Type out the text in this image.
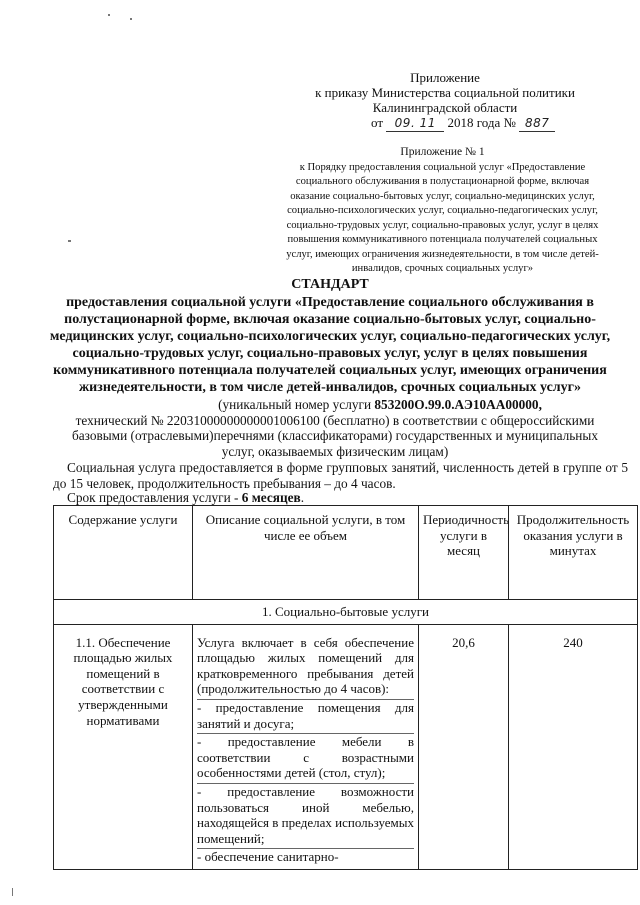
Приложение
к приказу Министерства социальной политики
Калининградской области
от 09. 11 2018 года № 887
Приложение № 1
к Порядку предоставления социальной услуг «Предоставление
социального обслуживания в полустационарной форме, включая
оказание социально-бытовых услуг, социально-медицинских услуг,
социально-психологических услуг, социально-педагогических услуг,
социально-трудовых услуг, социально-правовых услуг, услуг в целях
повышения коммуникативного потенциала получателей социальных
услуг, имеющих ограничения жизнедеятельности, в том числе детей-
инвалидов, срочных социальных услуг»
СТАНДАРТ
предоставления социальной услуги «Предоставление социального обслуживания в
полустационарной форме, включая оказание социально-бытовых услуг, социально-
медицинских услуг, социально-психологических услуг, социально-педагогических услуг,
социально-трудовых услуг, социально-правовых услуг, услуг в целях повышения
коммуникативного потенциала получателей социальных услуг, имеющих ограничения
жизнедеятельности, в том числе детей-инвалидов, срочных социальных услуг»
(уникальный номер услуги 853200О.99.0.АЭ10АА00000,
технический № 22031000000000001006100 (бесплатно) в соответствии с общероссийскими
базовыми (отраслевыми)перечнями (классификаторами) государственных и муниципальных
услуг, оказываемых физическим лицам)
Социальная услуга предоставляется в форме групповых занятий, численность детей в группе от 5 до 15 человек, продолжительность пребывания – до 4 часов.
Срок предоставления услуги - 6 месяцев.
Содержание услуги	Описание социальной услуги, в том числе ее объем	Периодичность услуги в месяц	Продолжительность оказания услуги в минутах
1. Социально-бытовые услуги			
1.1. Обеспечение площадью жилых помещений в соответствии с утвержденными нормативами	Услуга включает в себя обеспечение площадью жилых помещений для кратковременного пребывания детей (продолжительностью до 4 часов):
- предоставление помещения для занятий и досуга;
- предоставление мебели в соответствии с возрастными особенностями детей (стол, стул);
- предоставление возможности пользоваться иной мебелью, находящейся в пределах используемых помещений;
- обеспечение санитарно-	20,6	240
